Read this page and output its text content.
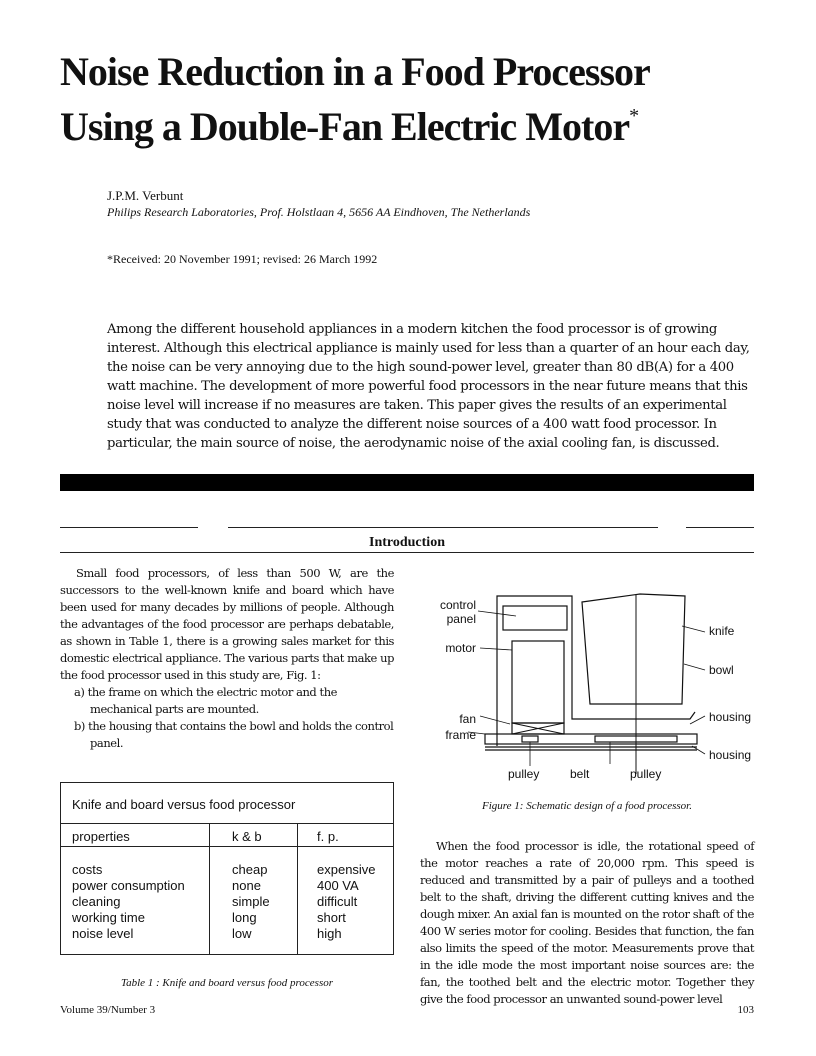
Noise Reduction in a Food Processor
Using a Double-Fan Electric Motor*
J.P.M. Verbunt
Philips Research Laboratories, Prof. Holstlaan 4, 5656 AA Eindhoven, The Netherlands
*Received: 20 November 1991; revised: 26 March 1992

Among the different household appliances in a modern kitchen the food processor is of growing interest. Although this electrical appliance is mainly used for less than a quarter of an hour each day, the noise can be very annoying due to the high sound-power level, greater than 80 dB(A) for a 400 watt machine. The development of more powerful food processors in the near future means that this noise level will increase if no measures are taken. This paper gives the results of an experimental study that was conducted to analyze the different noise sources of a 400 watt food processor. In particular, the main source of noise, the aerodynamic noise of the axial cooling fan, is discussed.

Introduction

Small food processors, of less than 500 W, are the successors to the well-known knife and board which have been used for many decades by millions of people. Although the advantages of the food processor are perhaps debatable, as shown in Table 1, there is a growing sales market for this domestic electrical appliance. The various parts that make up the food processor used in this study are, Fig. 1:

a) the frame on which the electric motor and the mechanical parts are mounted.
b) the housing that contains the bowl and holds the control panel.
Knife and board versus food processor
properties	k & b	f. p.
costs	cheap	expensive
power consumption	none	400 VA
cleaning	simple	difficult
working time	long	short
noise level	low	high
Table 1 : Knife and board versus food processor
control
panel
motor
fan
frame
knife
bowl
housing
housing
pulley	belt	pulley
Figure 1: Schematic design of a food processor.

When the food processor is idle, the rotational speed of the motor reaches a rate of 20,000 rpm. This speed is reduced and transmitted by a pair of pulleys and a toothed belt to the shaft, driving the different cutting knives and the dough mixer. An axial fan is mounted on the rotor shaft of the 400 W series motor for cooling. Besides that function, the fan also limits the speed of the motor. Measurements prove that in the idle mode the most important noise sources are: the fan, the toothed belt and the electric motor. Together they give the food processor an unwanted sound-power level

Volume 39/Number 3	103
